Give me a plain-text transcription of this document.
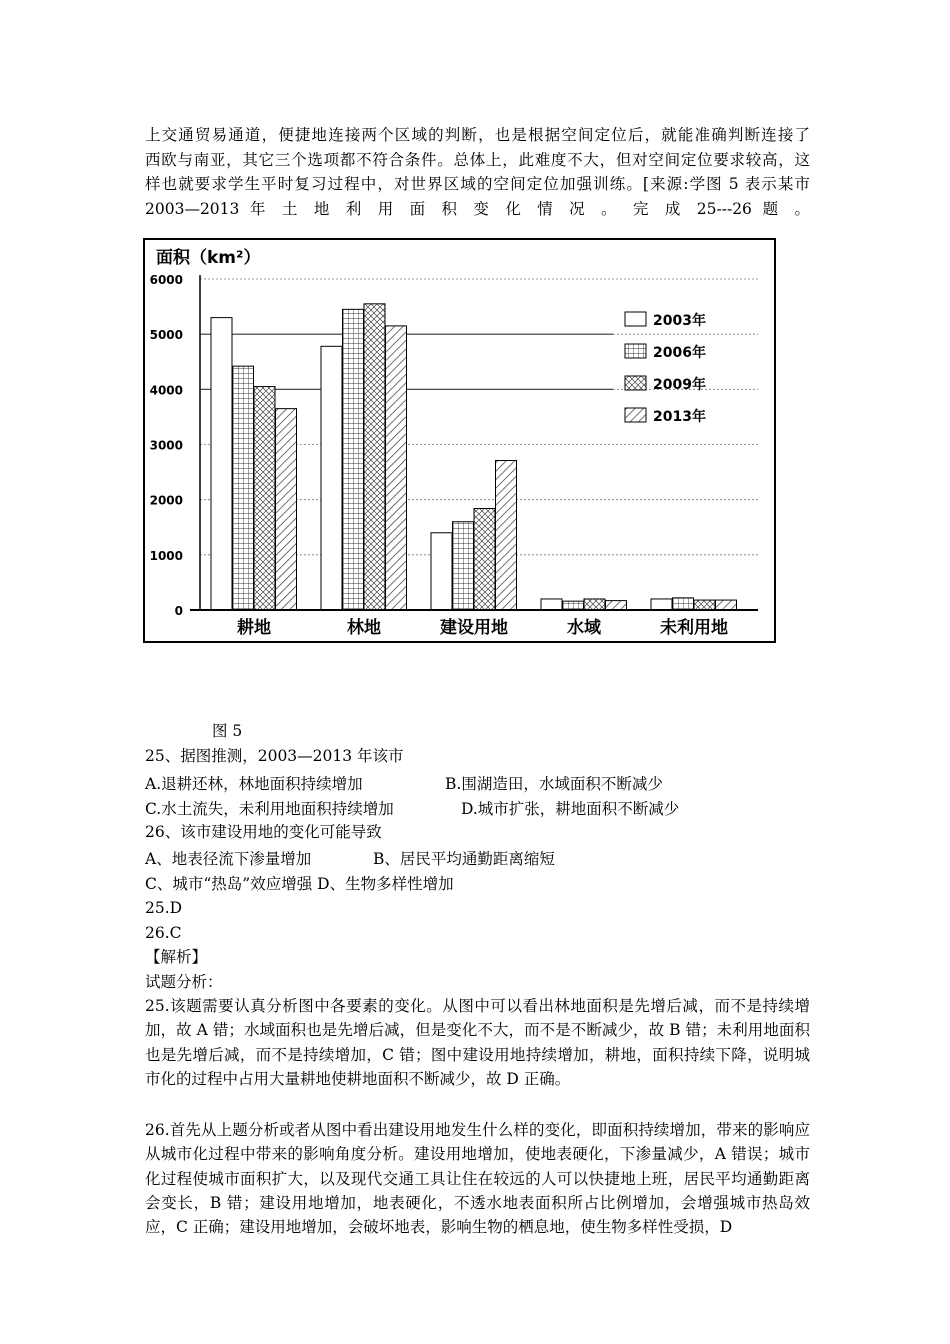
上交通贸易通道，便捷地连接两个区域的判断，也是根据空间定位后，就能准确判断连接了
西欧与南亚，其它三个选项都不符合条件。总体上，此难度不大，但对空间定位要求较高，这
样也就要求学生平时复习过程中，对世界区域的空间定位加强训练。[来源:学图 5 表示某市
2003—2013 年 土 地 利 用 面 积 变 化 情 况 。 完 成 25---26 题 。
面积（km²）
0
1000
2000
3000
4000
5000
6000
耕地	林地	建设用地	水域	未利用地
2003年
2006年
2009年
2013年
图 5
25、据图推测，2003—2013 年该市
A.退耕还林，林地面积持续增加	B.围湖造田，水域面积不断减少
C.水土流失，未利用地面积持续增加	D.城市扩张，耕地面积不断减少
26、该市建设用地的变化可能导致
A、地表径流下渗量增加	B、居民平均通勤距离缩短
C、城市“热岛”效应增强 D、生物多样性增加
25.D
26.C
【解析】
试题分析：
25.该题需要认真分析图中各要素的变化。从图中可以看出林地面积是先增后减，而不是持续增加，故 A 错；水域面积也是先增后减，但是变化不大，而不是不断减少，故 B 错；未利用地面积也是先增后减，而不是持续增加，C 错；图中建设用地持续增加，耕地，面积持续下降，说明城市化的过程中占用大量耕地使耕地面积不断减少，故 D 正确。
26.首先从上题分析或者从图中看出建设用地发生什么样的变化，即面积持续增加，带来的影响应从城市化过程中带来的影响角度分析。建设用地增加，使地表硬化，下渗量减少，A 错误；城市化过程使城市面积扩大，以及现代交通工具让住在较远的人可以快捷地上班，居民平均通勤距离会变长，B 错；建设用地增加，地表硬化，不透水地表面积所占比例增加，会增强城市热岛效应，C 正确；建设用地增加，会破坏地表，影响生物的栖息地，使生物多样性受损，D
